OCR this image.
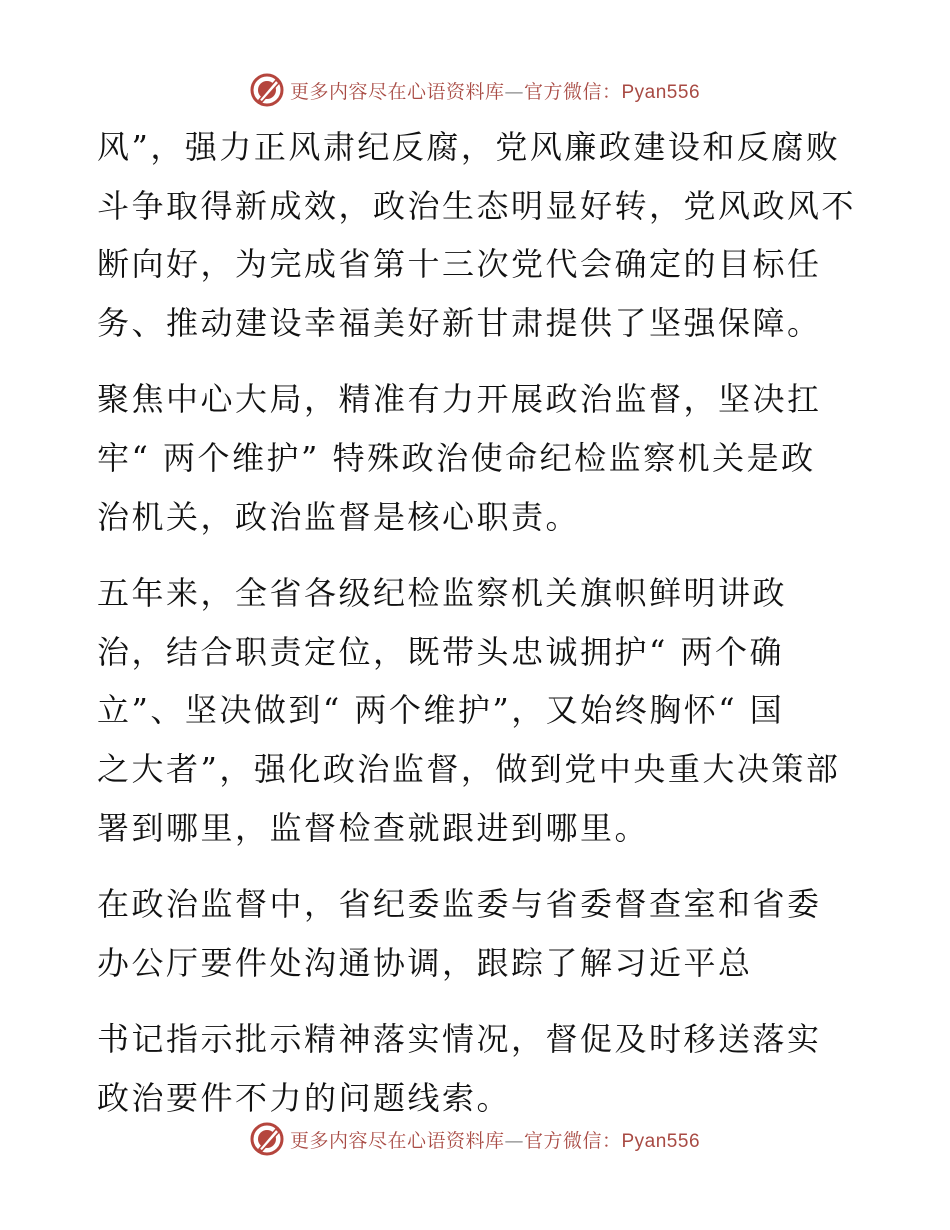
更多内容尽在心语资料库—官方微信：Pyan556

风”，强力正风肃纪反腐，党风廉政建设和反腐败
斗争取得新成效，政治生态明显好转，党风政风不
断向好，为完成省第十三次党代会确定的目标任
务、推动建设幸福美好新甘肃提供了坚强保障。

聚焦中心大局，精准有力开展政治监督，坚决扛
牢“ 两个维护” 特殊政治使命纪检监察机关是政
治机关，政治监督是核心职责。

五年来，全省各级纪检监察机关旗帜鲜明讲政
治，结合职责定位，既带头忠诚拥护“ 两个确
立”、坚决做到“ 两个维护”，又始终胸怀“ 国
之大者”，强化政治监督，做到党中央重大决策部
署到哪里，监督检查就跟进到哪里。

在政治监督中，省纪委监委与省委督查室和省委
办公厅要件处沟通协调，跟踪了解习近平总

书记指示批示精神落实情况，督促及时移送落实
政治要件不力的问题线索。

更多内容尽在心语资料库—官方微信：Pyan556
